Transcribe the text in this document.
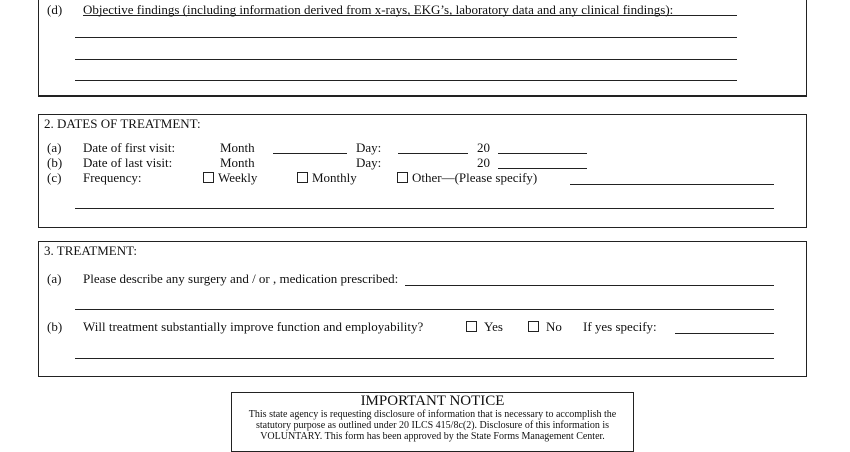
(d) Objective findings (including information derived from x-rays, EKG’s, laboratory data and any clinical findings):
2. DATES OF TREATMENT:
(a) Date of first visit:	Month	Day:	20
(b) Date of last visit:	Month	Day:	20
(c) Frequency:	Weekly	Monthly	Other—(Please specify)
3. TREATMENT:
(a) Please describe any surgery and / or , medication prescribed:
(b) Will treatment substantially improve function and employability?	Yes	No If yes specify:
IMPORTANT NOTICE
This state agency is requesting disclosure of information that is necessary to accomplish the
statutory purpose as outlined under 20 ILCS 415/8c(2). Disclosure of this information is
VOLUNTARY. This form has been approved by the State Forms Management Center.
